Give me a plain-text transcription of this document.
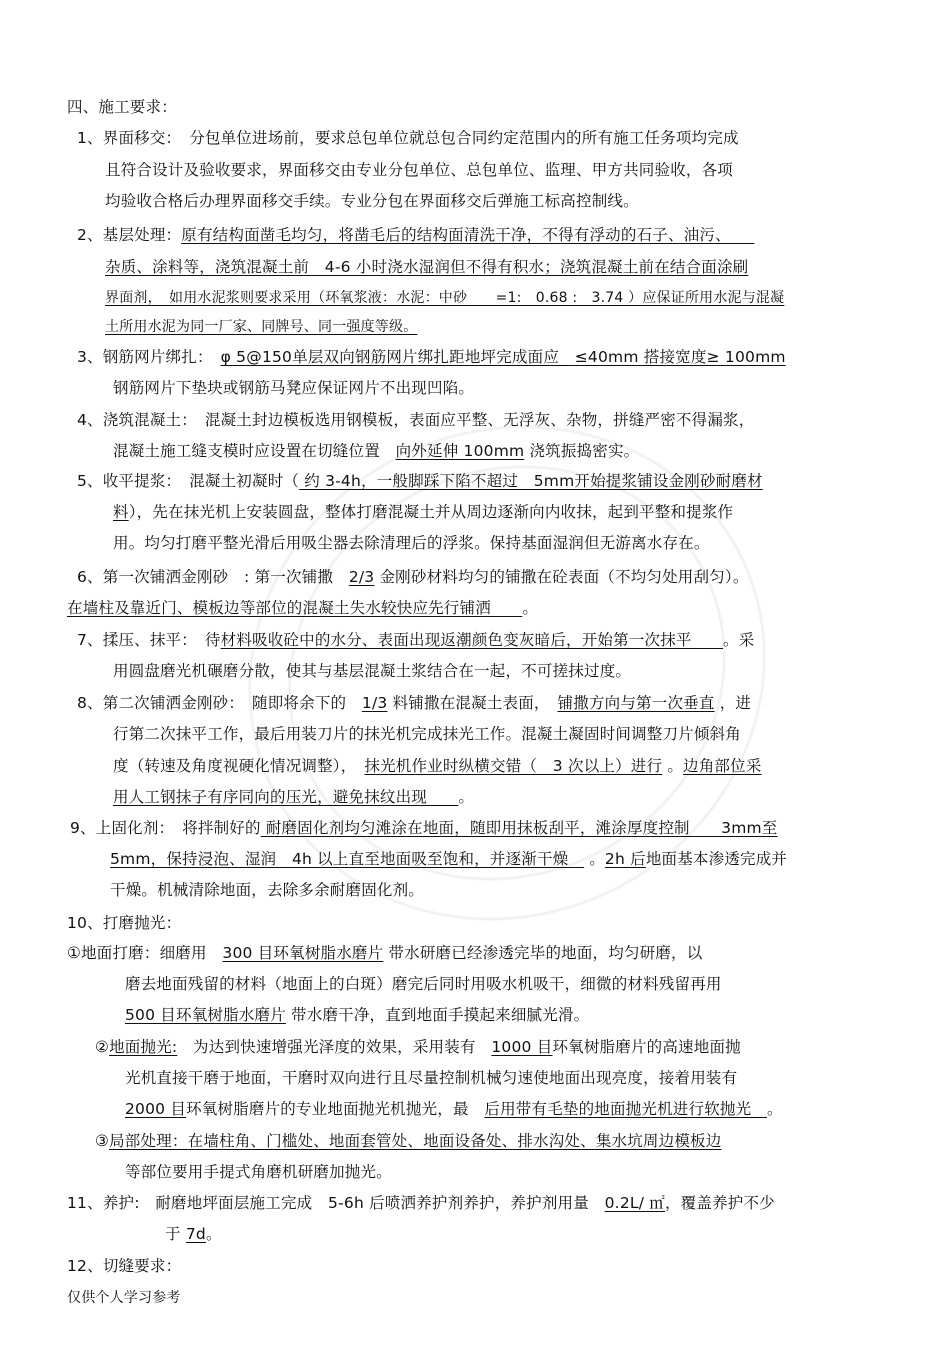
四、施工要求：
1、界面移交：　分包单位进场前，要求总包单位就总包合同约定范围内的所有施工任务项均完成
且符合设计及验收要求，界面移交由专业分包单位、总包单位、监理、甲方共同验收，各项
均验收合格后办理界面移交手续。专业分包在界面移交后弹施工标高控制线。
2、基层处理：原有结构面凿毛均匀，将凿毛后的结构面清洗干净，不得有浮动的石子、油污、　　
杂质、涂料等，浇筑混凝土前　4-6 小时浇水湿润但不得有积水；浇筑混凝土前在结合面涂刷
界面剂，　如用水泥浆则要求采用（环氧浆液：水泥：中砂　　=1:　0.68 :　3.74 ）应保证所用水泥与混凝
土所用水泥为同一厂家、同牌号、同一强度等级。
3、钢筋网片绑扎：　φ 5@150单层双向钢筋网片绑扎距地坪完成面应　≤40mm 搭接宽度≥ 100mm
钢筋网片下垫块或钢筋马凳应保证网片不出现凹陷。
4、浇筑混凝土：　混凝土封边模板选用钢模板，表面应平整、无浮灰、杂物，拼缝严密不得漏浆，
混凝土施工缝支模时应设置在切缝位置　向外延伸 100mm 浇筑振捣密实。
5、收平提浆：　混凝土初凝时（ 约 3-4h，一般脚踩下陷不超过　5mm开始提浆铺设金刚砂耐磨材
料），先在抹光机上安装圆盘，整体打磨混凝土并从周边逐渐向内收抹，起到平整和提浆作
用。均匀打磨平整光滑后用吸尘器去除清理后的浮浆。保持基面湿润但无游离水存在。
6、第一次铺洒金刚砂　: 第一次铺撒　2/3 金刚砂材料均匀的铺撒在砼表面（不均匀处用刮匀）。
在墙柱及靠近门、模板边等部位的混凝土失水较快应先行铺洒　　。
7、揉压、抹平：　待材料吸收砼中的水分、表面出现返潮颜色变灰暗后，开始第一次抹平　　。采
用圆盘磨光机碾磨分散，使其与基层混凝土浆结合在一起，不可搓抹过度。
8、第二次铺洒金刚砂：　随即将余下的　1/3 料铺撒在混凝土表面，　铺撒方向与第一次垂直 ，进
行第二次抹平工作，最后用装刀片的抹光机完成抹光工作。混凝土凝固时间调整刀片倾斜角
度（转速及角度视硬化情况调整），　抹光机作业时纵横交错（　3 次以上）进行 。边角部位采
用人工钢抹子有序同向的压光，避免抹纹出现　　。
9、上固化剂：　将拌制好的 耐磨固化剂均匀滩涂在地面，随即用抹板刮平，滩涂厚度控制　　3mm至
5mm，保持浸泡、湿润　4h 以上直至地面吸至饱和，并逐渐干燥　 。2h 后地面基本渗透完成并
干燥。机械清除地面，去除多余耐磨固化剂。
10、打磨抛光：
①地面打磨：细磨用　300 目环氧树脂水磨片 带水研磨已经渗透完毕的地面，均匀研磨，以
磨去地面残留的材料（地面上的白斑）磨完后同时用吸水机吸干，细微的材料残留再用
500 目环氧树脂水磨片 带水磨干净，直到地面手摸起来细腻光滑。
②地面抛光:　为达到快速增强光泽度的效果，采用装有　1000 目环氧树脂磨片的高速地面抛
光机直接干磨于地面，干磨时双向进行且尽量控制机械匀速使地面出现亮度，接着用装有
2000 目环氧树脂磨片的专业地面抛光机抛光，最　后用带有毛垫的地面抛光机进行软抛光　。
③局部处理：在墙柱角、门槛处、地面套管处、地面设备处、排水沟处、集水坑周边模板边
等部位要用手提式角磨机研磨加抛光。
11、养护:　耐磨地坪面层施工完成　5-6h 后喷洒养护剂养护，养护剂用量　0.2L/ ㎡，覆盖养护不少
于 7d。
12、切缝要求：
仅供个人学习参考
